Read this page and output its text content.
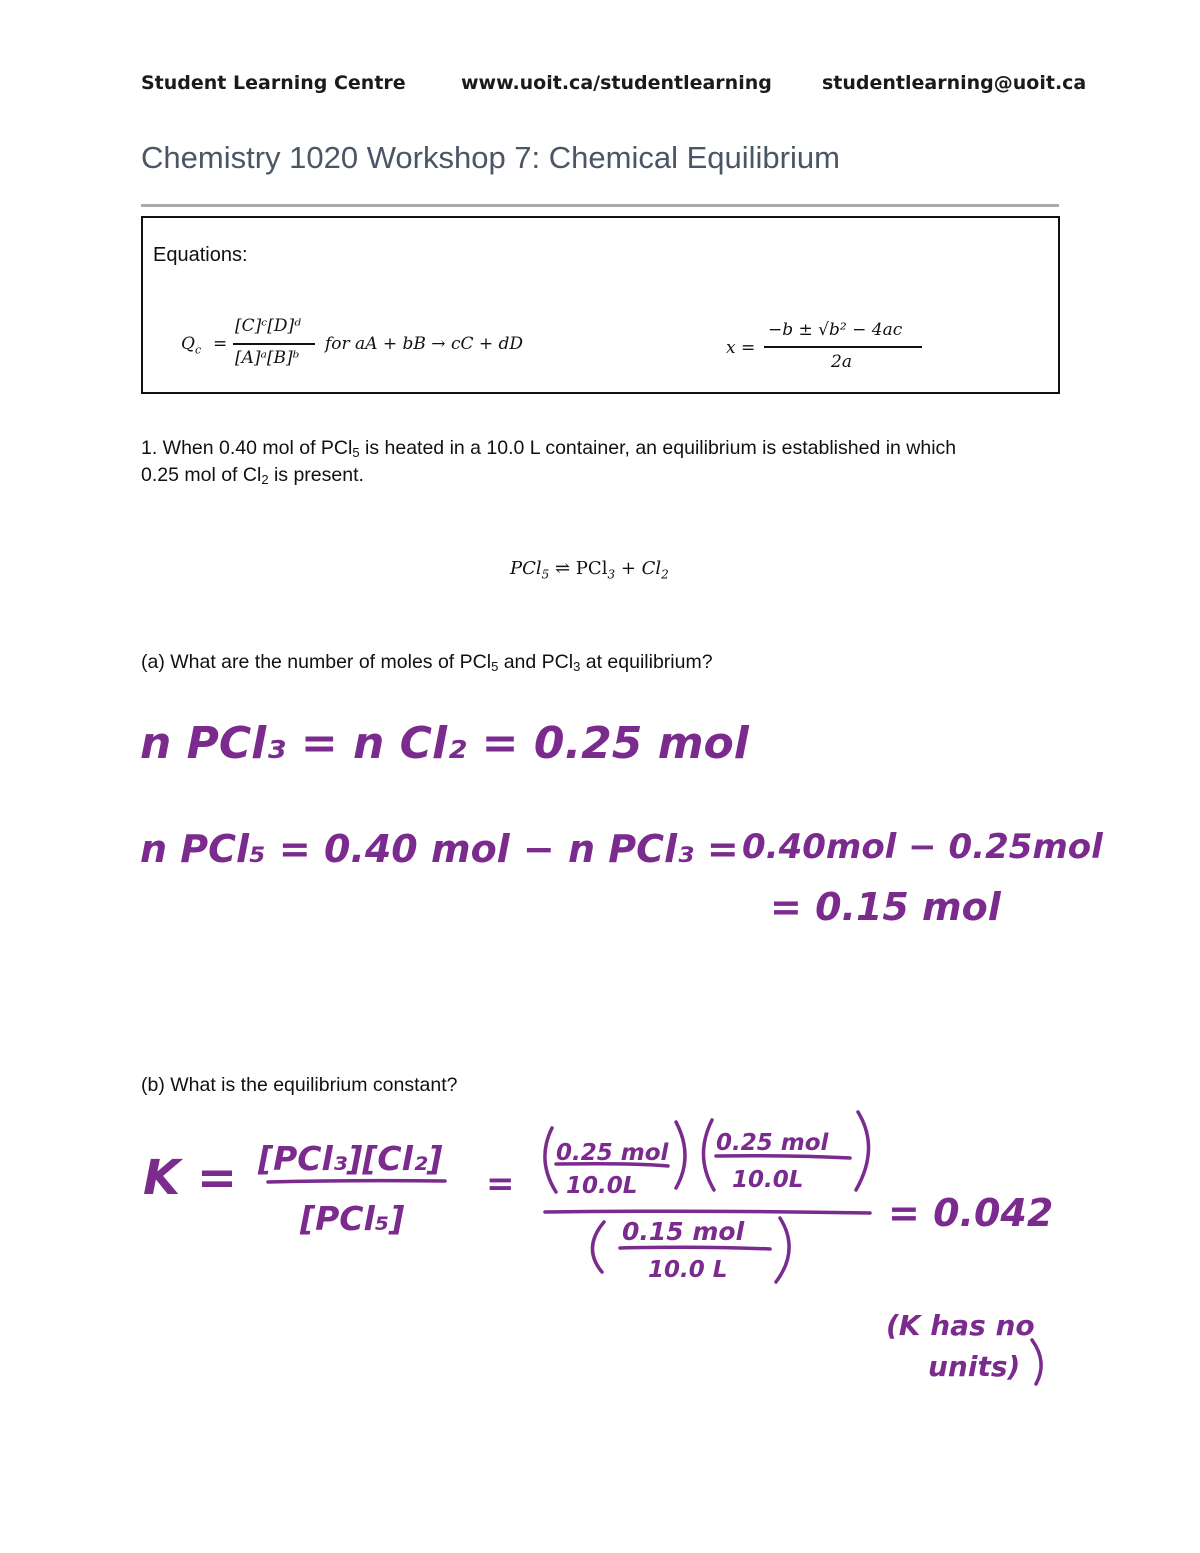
Student Learning Centre	www.uoit.ca/studentlearning	studentlearning@uoit.ca
Chemistry 1020 Workshop 7: Chemical Equilibrium
Equations:
$Q_c$ =
[C]ᶜ[D]ᵈ
[A]ᵃ[B]ᵇ
for aA + bB → cC + dD	x =
−b ± √b² − 4ac
2a
1. When 0.40 mol of PCl$_5$ is heated in a 10.0 L container, an equilibrium is established in which
0.25 mol of $Cl_2$ is present.
PCl$_5$ ⇌ $PCl_3 + Cl_2$
(a) What are the number of moles of PCl$_5$ and PCl$_3$ at equilibrium?
(b) What is the equilibrium constant?
n PCl₃ = n Cl₂ = 0.25 mol
n PCl₅ = 0.40 mol − n PCl₃ = 0.40mol − 0.25mol
= 0.15 mol
K = [PCl₃][Cl₂]
[PCl₅]
=
0.25 mol
10.0L
0.25 mol
10.0L
0.15 mol
10.0 L
= 0.042
(K has no
units)
